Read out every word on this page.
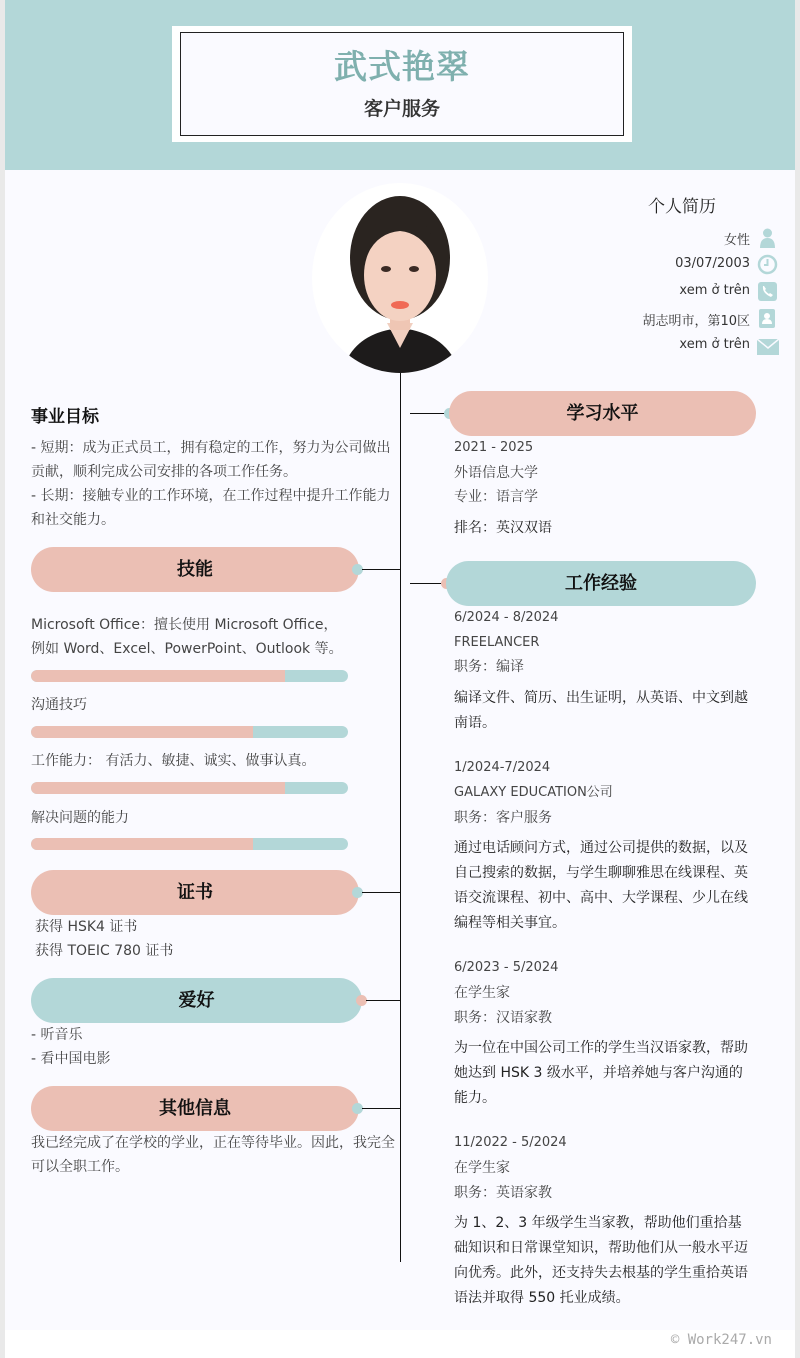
武式艳翠
客户服务
个人简历
女性
03/07/2003
xem ở trên
胡志明市，第10区
xem ở trên
事业目标
- 短期：成为正式员工，拥有稳定的工作，努力为公司做出贡献，顺利完成公司安排的各项工作任务。
- 长期：接触专业的工作环境，在工作过程中提升工作能力和社交能力。
技能
Microsoft Office：擅长使用 Microsoft Office，例如 Word、Excel、PowerPoint、Outlook 等。
沟通技巧
工作能力： 有活力、敏捷、诚实、做事认真。
解决问题的能力
证书
获得 HSK4 证书
获得 TOEIC 780 证书
爱好
- 听音乐
- 看中国电影
其他信息
我已经完成了在学校的学业，正在等待毕业。因此，我完全可以全职工作。
学习水平
2021 - 2025
外语信息大学
专业：语言学
排名：英汉双语
工作经验
6/2024 - 8/2024
FREELANCER
职务：编译
编译文件、简历、出生证明，从英语、中文到越南语。
1/2024-7/2024
GALAXY EDUCATION公司
职务：客户服务
通过电话顾问方式，通过公司提供的数据，以及自己搜索的数据，与学生聊聊雅思在线课程、英语交流课程、初中、高中、大学课程、少儿在线编程等相关事宜。
6/2023 - 5/2024
在学生家
职务：汉语家教
为一位在中国公司工作的学生当汉语家教，帮助她达到 HSK 3 级水平，并培养她与客户沟通的能力。
11/2022 - 5/2024
在学生家
职务：英语家教
为 1、2、3 年级学生当家教，帮助他们重拾基础知识和日常课堂知识，帮助他们从一般水平迈向优秀。此外，还支持失去根基的学生重拾英语语法并取得 550 托业成绩。
© Work247.vn
